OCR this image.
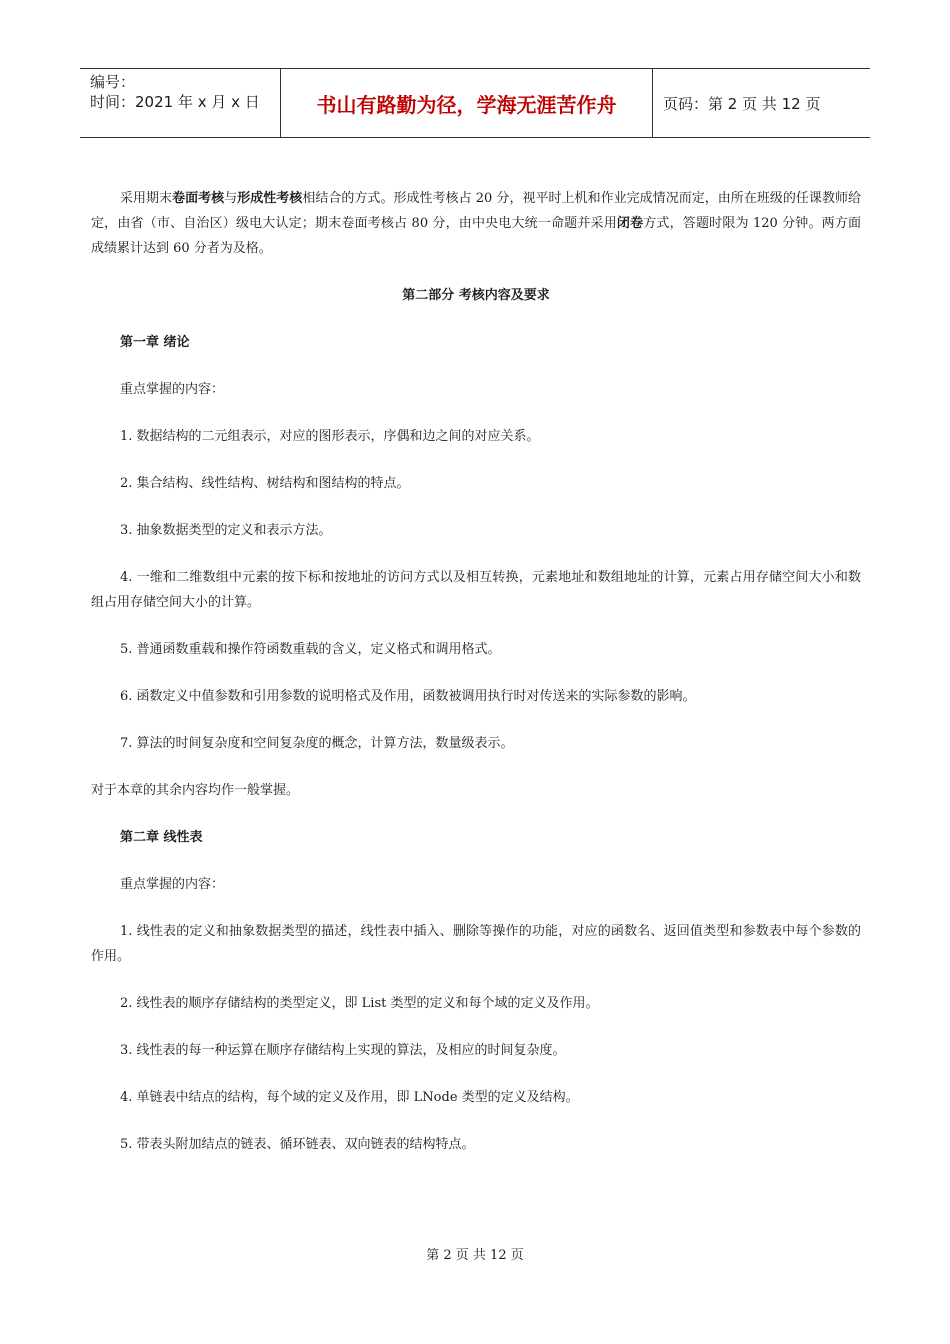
编号：
时间：2021 年 x 月 x 日	书山有路勤为径，学海无涯苦作舟	页码：第 2 页 共 12 页

采用期末卷面考核与形成性考核相结合的方式。形成性考核占 20 分，视平时上机和作业完成情况而定，由所在班级的任课教师给定，由省（市、自治区）级电大认定；期末卷面考核占 80 分，由中央电大统一命题并采用闭卷方式，答题时限为 120 分钟。两方面成绩累计达到 60 分者为及格。

第二部分 考核内容及要求

第一章 绪论

重点掌握的内容：

1. 数据结构的二元组表示，对应的图形表示，序偶和边之间的对应关系。

2. 集合结构、线性结构、树结构和图结构的特点。

3. 抽象数据类型的定义和表示方法。

4. 一维和二维数组中元素的按下标和按地址的访问方式以及相互转换，元素地址和数组地址的计算，元素占用存储空间大小和数组占用存储空间大小的计算。

5. 普通函数重载和操作符函数重载的含义，定义格式和调用格式。

6. 函数定义中值参数和引用参数的说明格式及作用，函数被调用执行时对传送来的实际参数的影响。

7. 算法的时间复杂度和空间复杂度的概念，计算方法，数量级表示。

对于本章的其余内容均作一般掌握。

第二章 线性表

重点掌握的内容：

1. 线性表的定义和抽象数据类型的描述，线性表中插入、删除等操作的功能，对应的函数名、返回值类型和参数表中每个参数的作用。

2. 线性表的顺序存储结构的类型定义，即 List 类型的定义和每个域的定义及作用。

3. 线性表的每一种运算在顺序存储结构上实现的算法，及相应的时间复杂度。

4. 单链表中结点的结构，每个域的定义及作用，即 LNode 类型的定义及结构。

5. 带表头附加结点的链表、循环链表、双向链表的结构特点。

第 2 页 共 12 页
